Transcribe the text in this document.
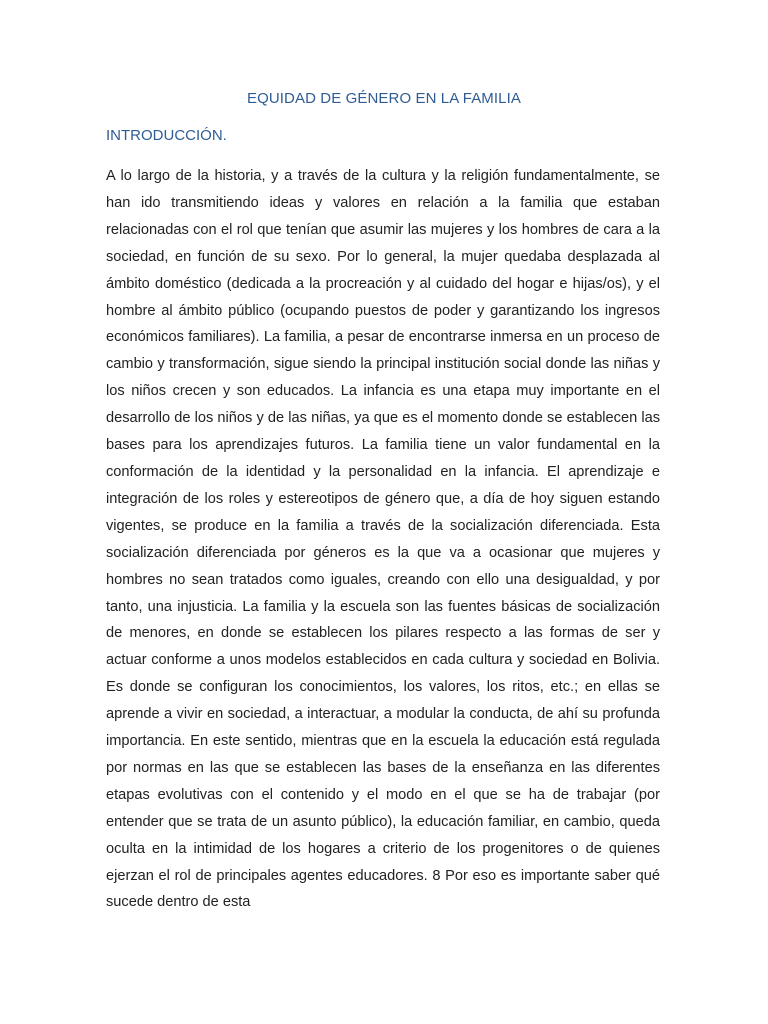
EQUIDAD DE GÉNERO EN LA FAMILIA
INTRODUCCIÓN.

A lo largo de la historia, y a través de la cultura y la religión fundamentalmente, se han ido transmitiendo ideas y valores en relación a la familia que estaban relacionadas con el rol que tenían que asumir las mujeres y los hombres de cara a la sociedad, en función de su sexo. Por lo general, la mujer quedaba desplazada al ámbito doméstico (dedicada a la procreación y al cuidado del hogar e hijas/os), y el hombre al ámbito público (ocupando puestos de poder y garantizando los ingresos económicos familiares). La familia, a pesar de encontrarse inmersa en un proceso de cambio y transformación, sigue siendo la principal institución social donde las niñas y los niños crecen y son educados. La infancia es una etapa muy importante en el desarrollo de los niños y de las niñas, ya que es el momento donde se establecen las bases para los aprendizajes futuros. La familia tiene un valor fundamental en la conformación de la identidad y la personalidad en la infancia. El aprendizaje e integración de los roles y estereotipos de género que, a día de hoy siguen estando vigentes, se produce en la familia a través de la socialización diferenciada. Esta socialización diferenciada por géneros es la que va a ocasionar que mujeres y hombres no sean tratados como iguales, creando con ello una desigualdad, y por tanto, una injusticia. La familia y la escuela son las fuentes básicas de socialización de menores, en donde se establecen los pilares respecto a las formas de ser y actuar conforme a unos modelos establecidos en cada cultura y sociedad en Bolivia. Es donde se configuran los conocimientos, los valores, los ritos, etc.; en ellas se aprende a vivir en sociedad, a interactuar, a modular la conducta, de ahí su profunda importancia. En este sentido, mientras que en la escuela la educación está regulada por normas en las que se establecen las bases de la enseñanza en las diferentes etapas evolutivas con el contenido y el modo en el que se ha de trabajar (por entender que se trata de un asunto público), la educación familiar, en cambio, queda oculta en la intimidad de los hogares a criterio de los progenitores o de quienes ejerzan el rol de principales agentes educadores. 8 Por eso es importante saber qué sucede dentro de esta
